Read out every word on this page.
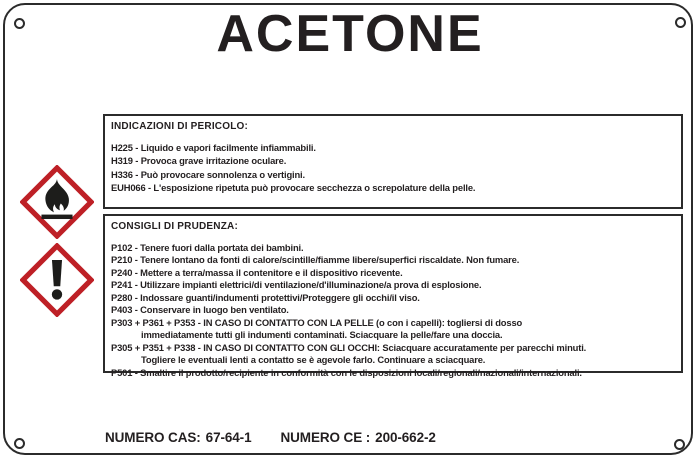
ACETONE
INDICAZIONI DI PERICOLO:
H225 - Liquido e vapori facilmente infiammabili.
H319 - Provoca grave irritazione oculare.
H336 - Può provocare sonnolenza o vertigini.
EUH066 - L'esposizione ripetuta può provocare secchezza o screpolature della pelle.
CONSIGLI DI PRUDENZA:
P102 - Tenere fuori dalla portata dei bambini.
P210 - Tenere lontano da fonti di calore/scintille/fiamme libere/superfici riscaldate. Non fumare.
P240 - Mettere a terra/massa il contenitore e il dispositivo ricevente.
P241 - Utilizzare impianti elettrici/di ventilazione/d'illuminazione/a prova di esplosione.
P280 - Indossare guanti/indumenti protettivi/Proteggere gli occhi/il viso.
P403 - Conservare in luogo ben ventilato.
P303 + P361 + P353 - IN CASO DI CONTATTO CON LA PELLE (o con i capelli): togliersi di dosso
immediatamente tutti gli indumenti contaminati. Sciacquare la pelle/fare una doccia.
P305 + P351 + P338 - IN CASO DI CONTATTO CON GLI OCCHI: Sciacquare accuratamente per parecchi minuti.
Togliere le eventuali lenti a contatto se è agevole farlo. Continuare a sciacquare.
P501 - Smaltire il prodotto/recipiente in conformità con le disposizioni locali/regionali/nazionali/internazionali.
NUMERO CAS: 67-64-1 NUMERO CE : 200-662-2
